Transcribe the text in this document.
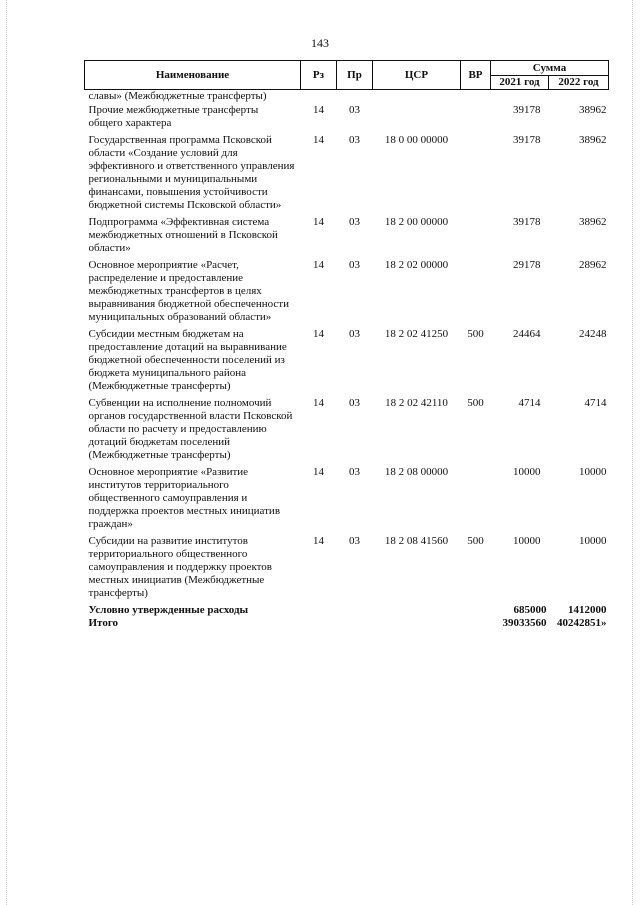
143
Наименование	Рз	Пр	ЦСР	ВР	Сумма	
					2021 год	2022 год
славы» (Межбюджетные трансферты)						
Прочие межбюджетные трансферты общего характера	14	03			39178	38962
Государственная программа Псковской области «Создание условий для эффективного и ответственного управления региональными и муниципальными финансами, повышения устойчивости бюджетной системы Псковской области»	14	03	18 0 00 00000		39178	38962
Подпрограмма «Эффективная система межбюджетных отношений в Псковской области»	14	03	18 2 00 00000		39178	38962
Основное мероприятие «Расчет, распределение и предоставление межбюджетных трансфертов в целях выравнивания бюджетной обеспеченности муниципальных образований области»	14	03	18 2 02 00000		29178	28962
Субсидии местным бюджетам на предоставление дотаций на выравнивание бюджетной обеспеченности поселений из бюджета муниципального района (Межбюджетные трансферты)	14	03	18 2 02 41250	500	24464	24248
Субвенции на исполнение полномочий органов государственной власти Псковской области по расчету и предоставлению дотаций бюджетам поселений (Межбюджетные трансферты)	14	03	18 2 02 42110	500	4714	4714
Основное мероприятие «Развитие институтов территориального общественного самоуправления и поддержка проектов местных инициатив граждан»	14	03	18 2 08 00000		10000	10000
Субсидии на развитие институтов территориального общественного самоуправления и поддержку проектов местных инициатив (Межбюджетные трансферты)	14	03	18 2 08 41560	500	10000	10000
Условно утвержденные расходы					685000	1412000
Итого					39033560	40242851»
